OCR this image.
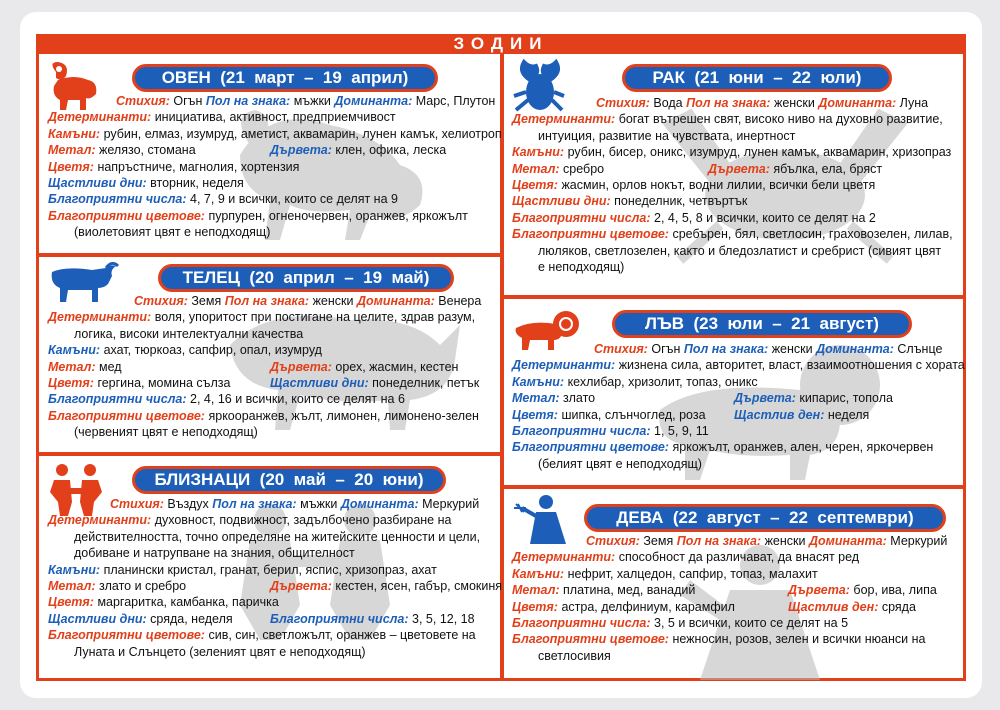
ЗОДИИ
ОВЕН  (21  март  –  19  април)
Стихия: Огън Пол на знака: мъжки Доминанта: Марс, Плутон
Детерминанти: инициатива, активност, предприемчивост
Камъни: рубин, елмаз, изумруд, аметист, аквамарин, лунен камък, хелиотроп
Метал: желязо, стомана	Дървета: клен, офика, леска
Цветя: напръстниче, магнолия, хортензия
Щастливи дни: вторник, неделя
Благоприятни числа: 4, 7, 9 и всички, които се делят на 9
Благоприятни цветове: пурпурен, огненочервен, оранжев, яркожълт
(виолетовият цвят е неподходящ)
ТЕЛЕЦ  (20  април  –  19  май)
Стихия: Земя Пол на знака: женски Доминанта: Венера
Детерминанти: воля, упоритост при постигане на целите, здрав разум,
логика, високи интелектуални качества
Камъни: ахат, тюркоаз, сапфир, опал, изумруд
Метал: мед	Дървета: орех, жасмин, кестен
Цветя: гергина, момина сълза	Щастливи дни: понеделник, петък
Благоприятни числа: 2, 4, 16 и всички, които се делят на 6
Благоприятни цветове: яркооранжев, жълт, лимонен, лимонено-зелен
(червеният цвят е неподходящ)
БЛИЗНАЦИ  (20  май  –  20  юни)
Стихия: Въздух Пол на знака: мъжки Доминанта: Меркурий
Детерминанти: духовност, подвижност, задълбочено разбиране на
действителността, точно определяне на житейските ценности и цели,
добиване и натрупване на знания, общителност
Камъни: планински кристал, гранат, берил, яспис, хризопраз, ахат
Метал: злато и сребро	Дървета: кестен, ясен, габър, смокиня
Цветя: маргаритка, камбанка, паричка
Щастливи дни: сряда, неделя	Благоприятни числа: 3, 5, 12, 18
Благоприятни цветове: сив, син, светложълт, оранжев – цветовете на
Луната и Слънцето (зеленият цвят е неподходящ)
РАК  (21  юни  –  22  юли)
Стихия: Вода Пол на знака: женски Доминанта: Луна
Детерминанти: богат вътрешен свят, високо ниво на духовно развитие,
интуиция, развитие на чувствата, инертност
Камъни: рубин, бисер, оникс, изумруд, лунен камък, аквамарин, хризопраз
Метал: сребро	Дървета: ябълка, ела, бряст
Цветя: жасмин, орлов нокът, водни лилии, всички бели цветя
Щастливи дни: понеделник, четвъртък
Благоприятни числа: 2, 4, 5, 8 и всички, които се делят на 2
Благоприятни цветове: сребърен, бял, светлосин, граховозелен, лилав,
люляков, светлозелен, както и бледозлатист и сребрист (сивият цвят
е неподходящ)
ЛЪВ  (23  юли  –  21  август)
Стихия: Огън Пол на знака: женски Доминанта: Слънце
Детерминанти: жизнена сила, авторитет, власт, взаимоотношения с хората
Камъни: кехлибар, хризолит, топаз, оникс
Метал: злато	Дървета: кипарис, топола
Цветя: шипка, слънчоглед, роза Щастлив ден: неделя
Благоприятни числа: 1, 5, 9, 11
Благоприятни цветове: яркожълт, оранжев, ален, черен, яркочервен
(белият цвят е неподходящ)
ДЕВА  (22  август  –  22  септември)
Стихия: Земя Пол на знака: женски Доминанта: Меркурий
Детерминанти: способност да различават, да внасят ред
Камъни: нефрит, халцедон, сапфир, топаз, малахит
Метал: платина, мед, ванадий	Дървета: бор, ива, липа
Цветя: астра, делфиниум, карамфил	Щастлив ден: сряда
Благоприятни числа: 3, 5 и всички, които се делят на 5
Благоприятни цветове: нежносин, розов, зелен и всички нюанси на
светлосивия
